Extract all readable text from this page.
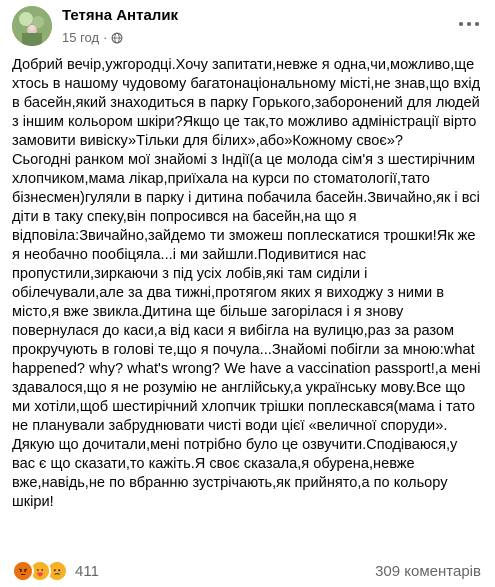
Тетяна Анталик
15 год ·
Добрий вечір,ужгородці.Хочу запитати,невже я одна,чи,можливо,ще хтось в нашому чудовому багатонаціональному місті,не знав,що вхід в басейн,який знаходиться в парку Горького,заборонений для людей з іншим кольором шкіри?Якщо це так,то можливо адміністрації вірто замовити вивіску»Тільки для білих»,або»Кожному своє»?
Сьогодні ранком мої знайомі з Індії(а це молода сім'я з шестирічним хлопчиком,мама лікар,приїхала на курси по стоматології,тато бізнесмен)гуляли в парку і дитина побачила басейн.Звичайно,як і всі діти в таку спеку,він попросився на басейн,на що я відповіла:Звичайно,зайдемо ти зможеш поплескатися трошки!Як же я необачно пообіцяла...і ми зайшли.Подивитися нас пропустили,зиркаючи з під усіх лобів,які там сиділи і обілечували,але за два тижні,протягом яких я виходжу з ними в місто,я вже звикла.Дитина ще більше загорілася і я знову повернулася до каси,а від каси я вибігла на вулицю,раз за разом прокручують в голові те,що я почула...Знайомі побігли за мною:what happened? why? what's wrong? We have a vaccination passport!,а мені здавалося,що я не розумію не англійську,а українську мову.Все що ми хотіли,щоб шестирічний хлопчик трішки поплескався(мама і тато не планували забруднювати чисті води цієї «величної споруди».
Дякую що дочитали,мені потрібно було це озвучити.Сподіваюся,у вас є що сказати,то кажіть.Я своє сказала,я обурена,невже вже,навідь,не по вбранню зустрічають,як прийнято,а по кольору шкіри!
411	309 коментарів
